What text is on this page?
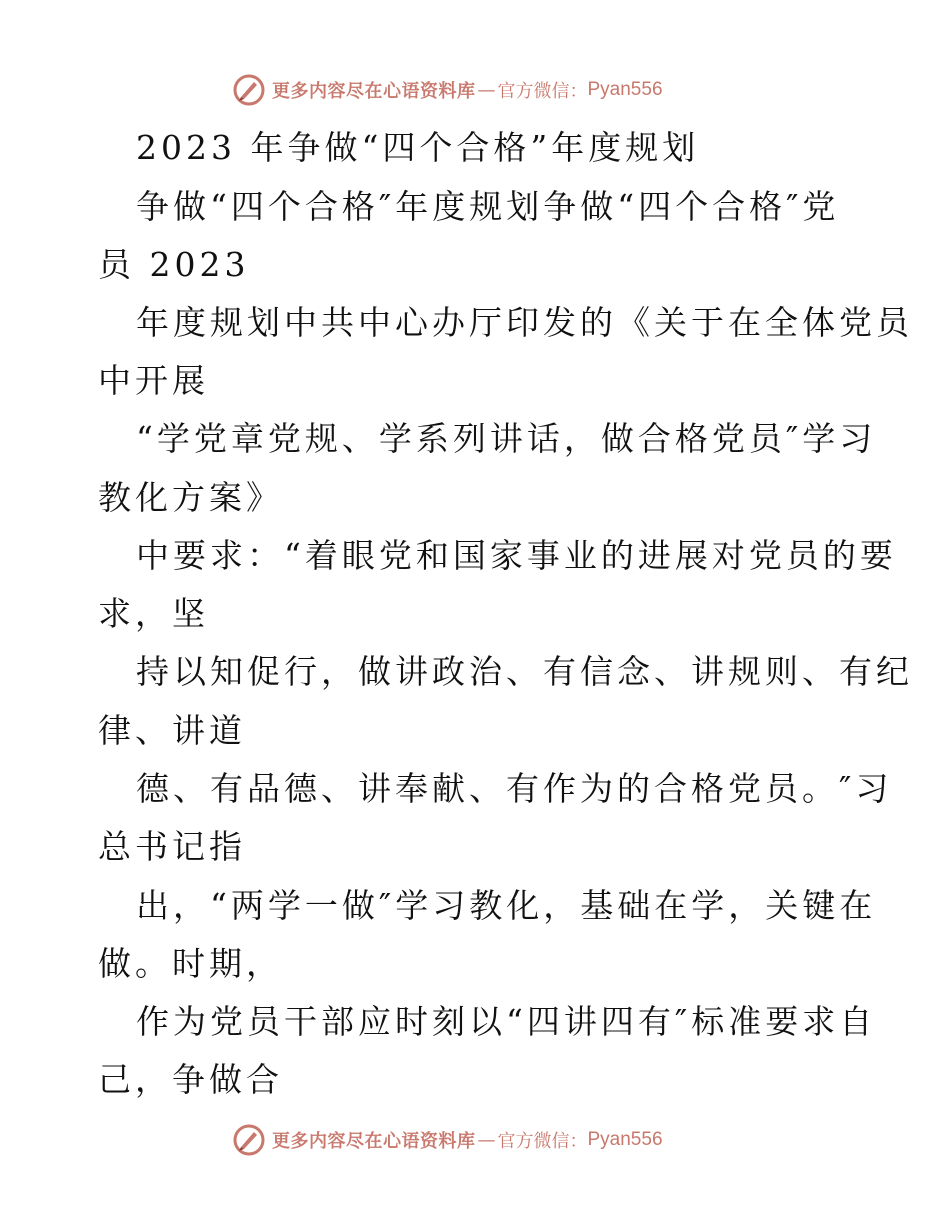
更多内容尽在心语资料库 — 官方微信： Pyan556
2023 年争做“四个合格”年度规划
争做“四个合格″年度规划争做“四个合格″党
员 2023
年度规划中共中心办厅印发的《关于在全体党员
中开展
“学党章党规、学系列讲话，做合格党员″学习
教化方案》
中要求：“着眼党和国家事业的进展对党员的要
求，坚
持以知促行，做讲政治、有信念、讲规则、有纪
律、讲道
德、有品德、讲奉献、有作为的合格党员。″习
总书记指
出，“两学一做″学习教化，基础在学，关键在
做。时期，
作为党员干部应时刻以“四讲四有″标准要求自
己，争做合
更多内容尽在心语资料库 — 官方微信： Pyan556
